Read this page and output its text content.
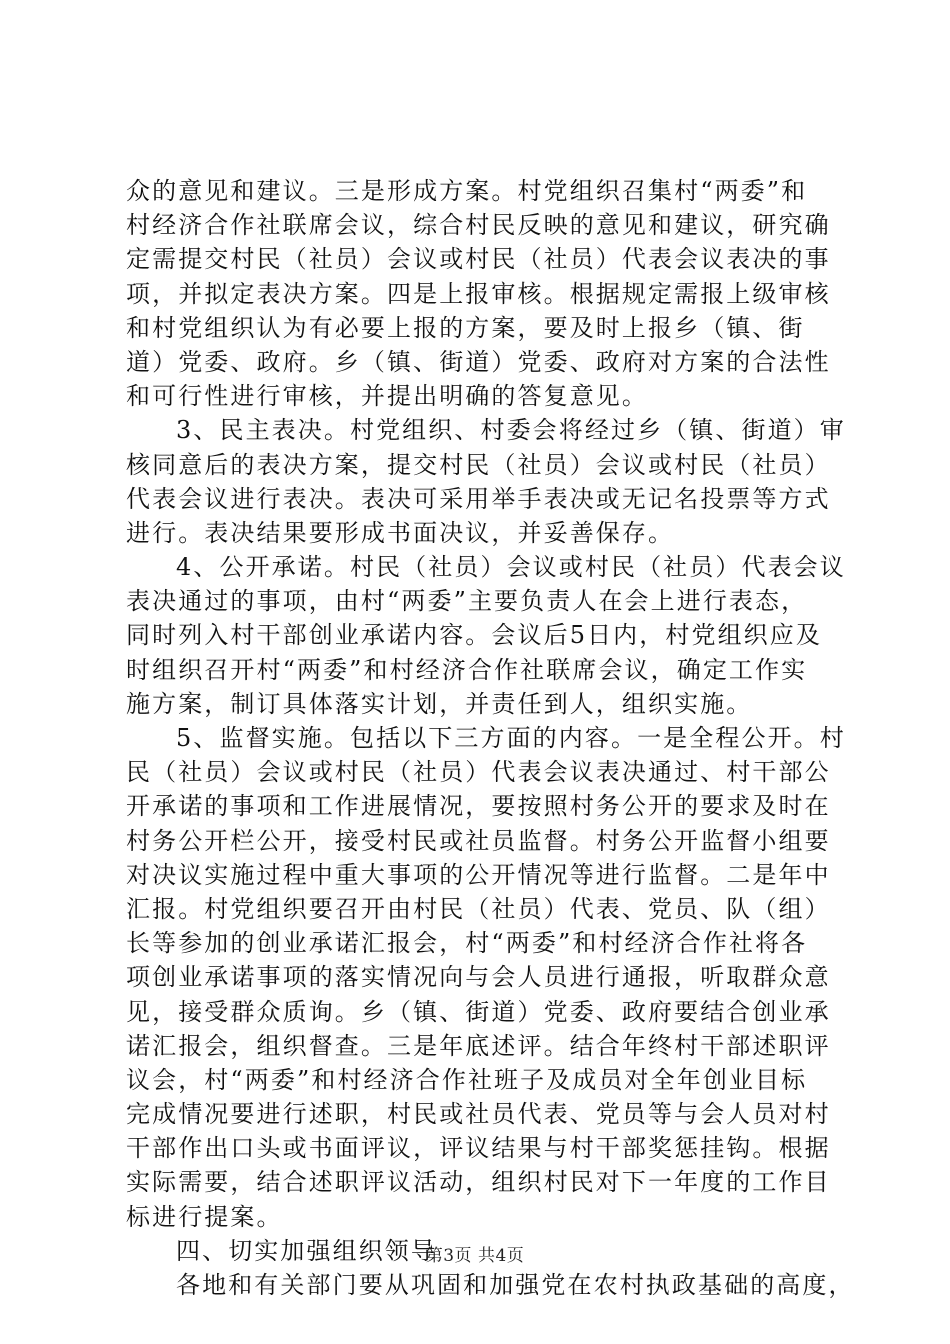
众的意见和建议。三是形成方案。村党组织召集村“两委”和
村经济合作社联席会议，综合村民反映的意见和建议，研究确
定需提交村民（社员）会议或村民（社员）代表会议表决的事
项，并拟定表决方案。四是上报审核。根据规定需报上级审核
和村党组织认为有必要上报的方案，要及时上报乡（镇、街
道）党委、政府。乡（镇、街道）党委、政府对方案的合法性
和可行性进行审核，并提出明确的答复意见。
3、民主表决。村党组织、村委会将经过乡（镇、街道）审
核同意后的表决方案，提交村民（社员）会议或村民（社员）
代表会议进行表决。表决可采用举手表决或无记名投票等方式
进行。表决结果要形成书面决议，并妥善保存。
4、公开承诺。村民（社员）会议或村民（社员）代表会议
表决通过的事项，由村“两委”主要负责人在会上进行表态，
同时列入村干部创业承诺内容。会议后5日内，村党组织应及
时组织召开村“两委”和村经济合作社联席会议，确定工作实
施方案，制订具体落实计划，并责任到人，组织实施。
5、监督实施。包括以下三方面的内容。一是全程公开。村
民（社员）会议或村民（社员）代表会议表决通过、村干部公
开承诺的事项和工作进展情况，要按照村务公开的要求及时在
村务公开栏公开，接受村民或社员监督。村务公开监督小组要
对决议实施过程中重大事项的公开情况等进行监督。二是年中
汇报。村党组织要召开由村民（社员）代表、党员、队（组）
长等参加的创业承诺汇报会，村“两委”和村经济合作社将各
项创业承诺事项的落实情况向与会人员进行通报，听取群众意
见，接受群众质询。乡（镇、街道）党委、政府要结合创业承
诺汇报会，组织督查。三是年底述评。结合年终村干部述职评
议会，村“两委”和村经济合作社班子及成员对全年创业目标
完成情况要进行述职，村民或社员代表、党员等与会人员对村
干部作出口头或书面评议，评议结果与村干部奖惩挂钩。根据
实际需要，结合述职评议活动，组织村民对下一年度的工作目
标进行提案。
四、切实加强组织领导
各地和有关部门要从巩固和加强党在农村执政基础的高度，
第3页 共4页
